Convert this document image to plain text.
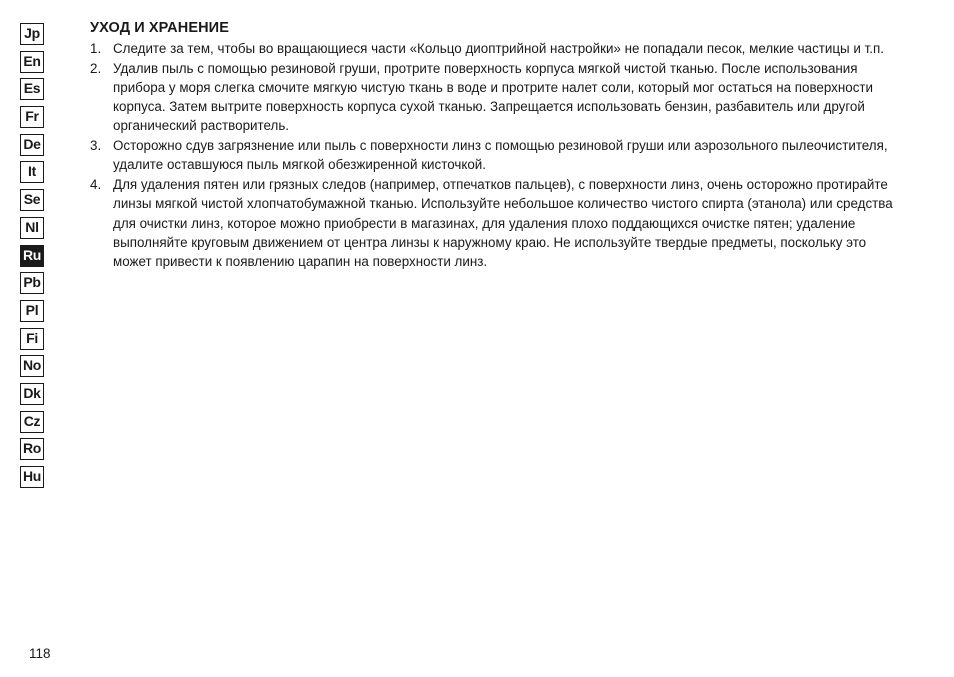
Jp
En
Es
Fr
De
It
Se
Nl
Ru
Pb
Pl
Fi
No
Dk
Cz
Ro
Hu
УХОД И ХРАНЕНИЕ
1. Следите за тем, чтобы во вращающиеся части «Кольцо диоптрийной настройки» не попадали песок, мелкие частицы и т.п.
2. Удалив пыль с помощью резиновой груши, протрите поверхность корпуса мягкой чистой тканью. После использования прибора у моря слегка смочите мягкую чистую ткань в воде и протрите налет соли, который мог остаться на поверхности корпуса. Затем вытрите поверхность корпуса сухой тканью. Запрещается использовать бензин, разбавитель или другой органический растворитель.
3. Осторожно сдув загрязнение или пыль с поверхности линз с помощью резиновой груши или аэрозольного пылеочистителя, удалите оставшуюся пыль мягкой обезжиренной кисточкой.
4. Для удаления пятен или грязных следов (например, отпечатков пальцев), с поверхности линз, очень осторожно протирайте линзы мягкой чистой хлопчатобумажной тканью. Используйте небольшое количество чистого спирта (этанола) или средства для очистки линз, которое можно приобрести в магазинах, для удаления плохо поддающихся очистке пятен; удаление выполняйте круговым движением от центра линзы к наружному краю. Не используйте твердые предметы, поскольку это может привести к появлению царапин на поверхности линз.
118
